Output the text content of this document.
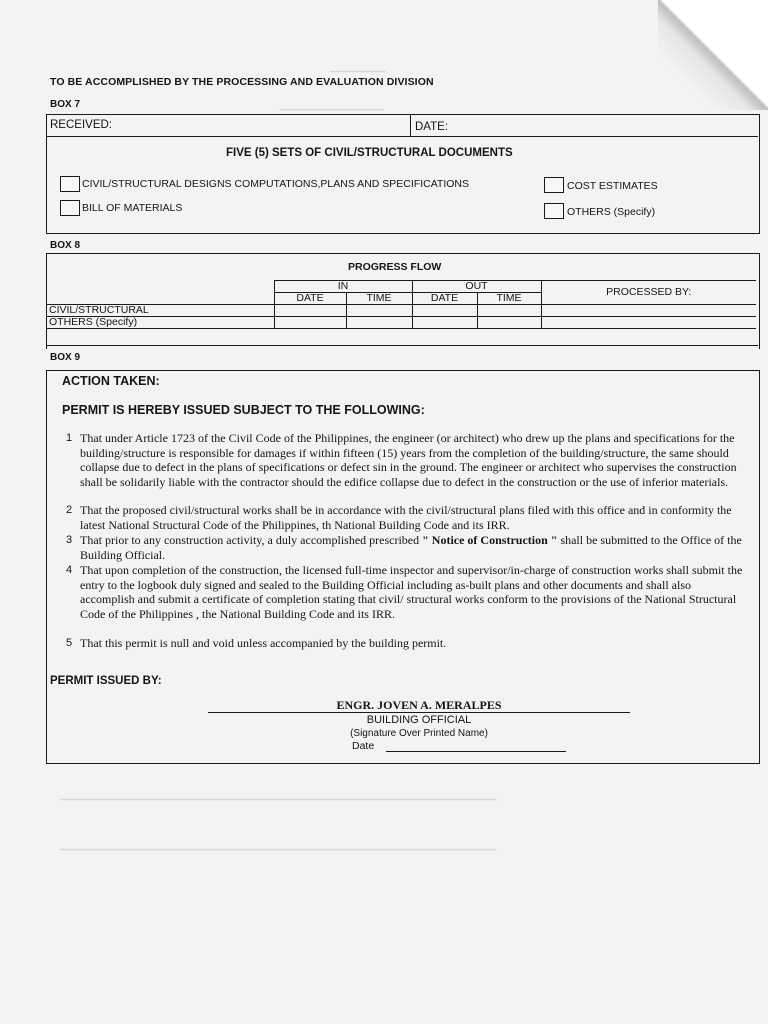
▁▁▁▁▁▁▁▁
▁▁▁▁▁▁▁▁▁▁▁▁▁▁▁
▁▁▁▁▁▁▁▁▁▁▁▁▁▁▁▁▁▁▁▁▁▁▁▁▁▁▁▁▁▁▁▁▁▁▁▁▁▁▁▁▁▁▁▁▁▁▁▁▁▁▁▁▁▁▁▁▁▁▁▁▁▁▁
▁▁▁▁▁▁▁▁▁▁▁▁▁▁▁▁▁▁▁▁▁▁▁▁▁▁▁▁▁▁▁▁▁▁▁▁▁▁▁▁▁▁▁▁▁▁▁▁▁▁▁▁▁▁▁▁▁▁▁▁▁▁▁
TO BE ACCOMPLISHED BY THE PROCESSING AND EVALUATION DIVISION
BOX 7
RECEIVED:	DATE:
FIVE (5) SETS OF CIVIL/STRUCTURAL DOCUMENTS
CIVIL/STRUCTURAL DESIGNS COMPUTATIONS,PLANS AND SPECIFICATIONS
BILL OF MATERIALS
COST ESTIMATES
OTHERS (Specify)
BOX 8
PROGRESS FLOW
	IN		OUT		PROCESSED BY:
	DATE	TIME	DATE	TIME	
CIVIL/STRUCTURAL					
OTHERS (Specify)					
BOX 9
ACTION TAKEN:
PERMIT IS HEREBY ISSUED SUBJECT TO THE FOLLOWING:
1 That under Article 1723 of the Civil Code of the Philippines, the engineer (or architect) who drew up the plans and specifications for the building/structure is responsible for damages if within fifteen (15) years from the completion of the building/structure, the same should collapse due to defect in the plans of specifications or defect sin in the ground. The engineer or architect who supervises the construction shall be solidarily liable with the contractor should the edifice collapse due to defect in the construction or the use of inferior materials.
2 That the proposed civil/structural works shall be in accordance with the civil/structural plans filed with this office and in conformity the latest National Structural Code of the Philippines, th National Building Code and its IRR.
3 That prior to any construction activity, a duly accomplished prescribed " Notice of Construction " shall be submitted to the Office of the Building Official.
4 That upon completion of the construction, the licensed full-time inspector and supervisor/in-charge of construction works shall submit the entry to the logbook duly signed and sealed to the Building Official including as-built plans and other documents and shall also accomplish and submit a certificate of completion stating that civil/ structural works conform to the provisions of the National Structural Code of the Philippines , the National Building Code and its IRR.
5 That this permit is null and void unless accompanied by the building permit.
PERMIT ISSUED BY:
ENGR. JOVEN A. MERALPES
BUILDING OFFICIAL
(Signature Over Printed Name)
Date
